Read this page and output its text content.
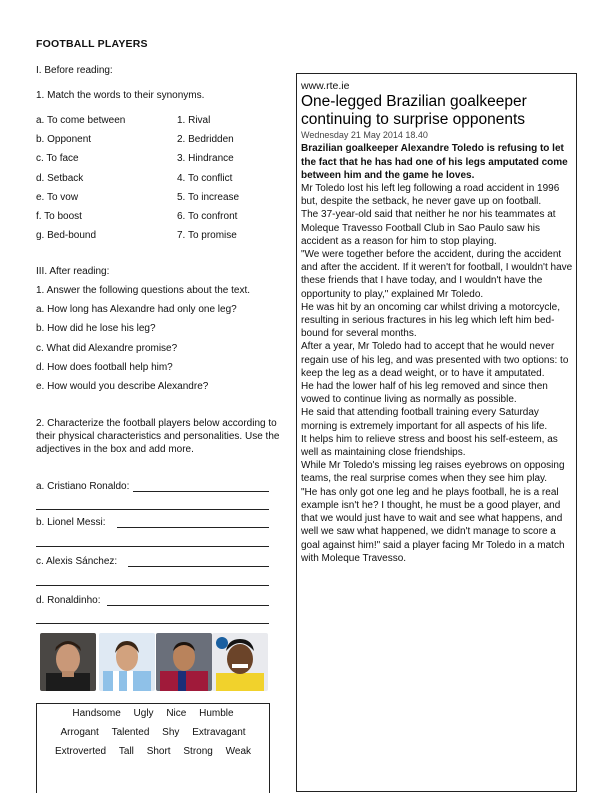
FOOTBALL PLAYERS
I. Before reading:
1. Match the words to their synonyms.
a. To come between
b. Opponent
c. To face
d. Setback
e. To vow
f. To boost
g. Bed-bound
1. Rival
2. Bedridden
3. Hindrance
4. To conflict
5. To increase
6. To confront
7. To promise
III. After reading:
1. Answer the following questions about the text.
a. How long has Alexandre had only one leg?
b. How did he lose his leg?
c. What did Alexandre promise?
d. How does football help him?
e. How would you describe Alexandre?
2. Characterize the football players below according to their physical characteristics and personalities. Use the adjectives in the box and add more.
a. Cristiano Ronaldo:
b. Lionel Messi:
c. Alexis Sánchez:
d. Ronaldinho:
Handsome Ugly Nice Humble
Arrogant Talented Shy Extravagant
Extroverted Tall Short Strong Weak

www.rte.ie

One-legged Brazilian goalkeeper continuing to surprise opponents

Wednesday 21 May 2014 18.40

Brazilian goalkeeper Alexandre Toledo is refusing to let the fact that he has had one of his legs amputated come between him and the game he loves.

Mr Toledo lost his left leg following a road accident in 1996 but, despite the setback, he never gave up on football.

The 37-year-old said that neither he nor his teammates at Moleque Travesso Football Club in Sao Paulo saw his accident as a reason for him to stop playing.

"We were together before the accident, during the accident and after the accident. If it weren't for football, I wouldn't have these friends that I have today, and I wouldn't have the opportunity to play," explained Mr Toledo.

He was hit by an oncoming car whilst driving a motorcycle, resulting in serious fractures in his leg which left him bed-bound for several months.

After a year, Mr Toledo had to accept that he would never regain use of his leg, and was presented with two options: to keep the leg as a dead weight, or to have it amputated.

He had the lower half of his leg removed and since then vowed to continue living as normally as possible.

He said that attending football training every Saturday morning is extremely important for all aspects of his life.

It helps him to relieve stress and boost his self-esteem, as well as maintaining close friendships.

While Mr Toledo's missing leg raises eyebrows on opposing teams, the real surprise comes when they see him play.

"He has only got one leg and he plays football, he is a real example isn't he? I thought, he must be a good player, and that we would just have to wait and see what happens, and well we saw what happened, we didn't manage to score a goal against him!" said a player facing Mr Toledo in a match with Moleque Travesso.
